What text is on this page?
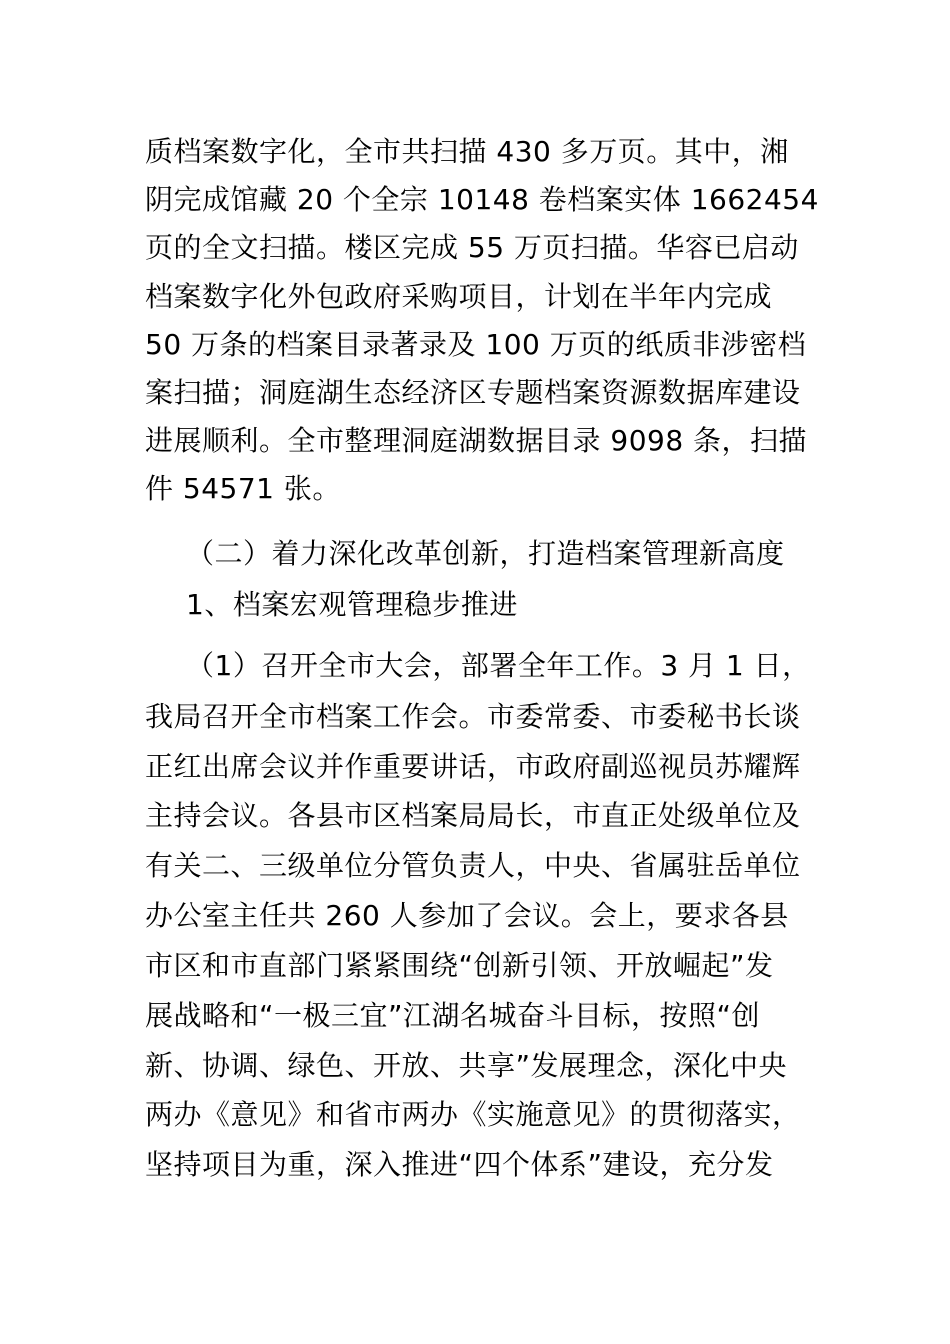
质档案数字化，全市共扫描 430 多万页。其中，湘
阴完成馆藏 20 个全宗 10148 卷档案实体 1662454
页的全文扫描。楼区完成 55 万页扫描。华容已启动
档案数字化外包政府采购项目，计划在半年内完成
50 万条的档案目录著录及 100 万页的纸质非涉密档
案扫描；洞庭湖生态经济区专题档案资源数据库建设
进展顺利。全市整理洞庭湖数据目录 9098 条，扫描
件 54571 张。
（二）着力深化改革创新，打造档案管理新高度
1、档案宏观管理稳步推进
（1）召开全市大会，部署全年工作。3 月 1 日，
我局召开全市档案工作会。市委常委、市委秘书长谈
正红出席会议并作重要讲话，市政府副巡视员苏耀辉
主持会议。各县市区档案局局长，市直正处级单位及
有关二、三级单位分管负责人，中央、省属驻岳单位
办公室主任共 260 人参加了会议。会上，要求各县
市区和市直部门紧紧围绕“创新引领、开放崛起”发
展战略和“一极三宜”江湖名城奋斗目标，按照“创
新、协调、绿色、开放、共享”发展理念，深化中央
两办《意见》和省市两办《实施意见》的贯彻落实，
坚持项目为重，深入推进“四个体系”建设，充分发
